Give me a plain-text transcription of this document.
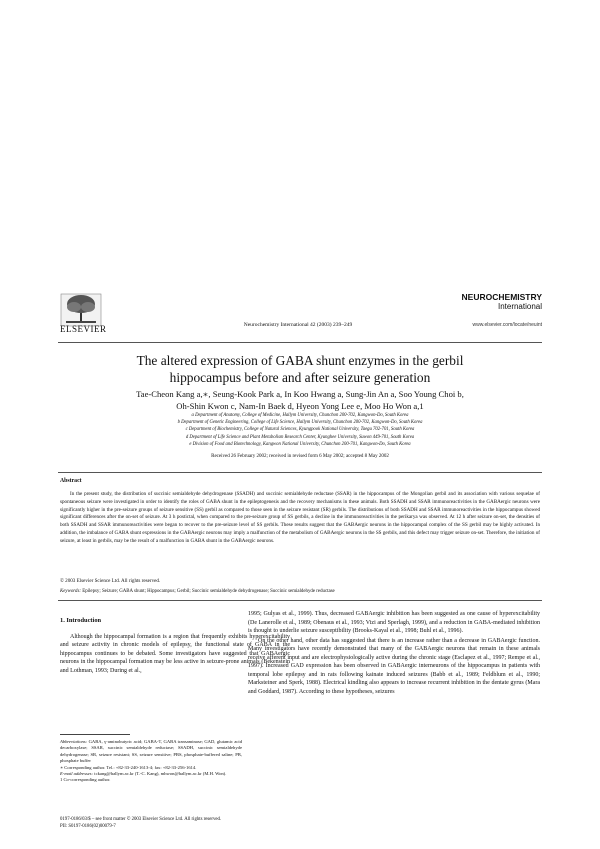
ELSEVIER	Neurochemistry International 42 (2003) 239–249
NEUROCHEMISTRY
International
www.elsevier.com/locate/neuint
The altered expression of GABA shunt enzymes in the gerbil
hippocampus before and after seizure generation
Tae-Cheon Kang a,∗, Seung-Kook Park a, In Koo Hwang a, Sung-Jin An a, Soo Young Choi b,
Oh-Shin Kwon c, Nam-In Baek d, Hyeon Yong Lee e, Moo Ho Won a,1
a Department of Anatomy, College of Medicine, Hallym University, Chunchon 200-702, Kangwon-Do, South Korea
b Department of Genetic Engineering, College of Life Science, Hallym University, Chunchon 200-702, Kangwon-Do, South Korea
c Department of Biochemistry, College of Natural Sciences, Kyungpook National University, Taegu 702-701, South Korea
d Department of Life Science and Plant Metabolism Research Center, Kyunghee University, Suwon 449-701, South Korea
e Division of Food and Biotechnology, Kangwon National University, Chunchon 200-701, Kangwon-Do, South Korea
Received 26 February 2002; received in revised form 6 May 2002; accepted 8 May 2002
Abstract

In the present study, the distribution of succinic semialdehyde dehydrogenase (SSADH) and succinic semialdehyde reductase (SSAR) in the hippocampus of the Mongolian gerbil and its association with various sequelae of spontaneous seizure were investigated in order to identify the roles of GABA shunt in the epileptogenesis and the recovery mechanisms in these animals. Both SSADH and SSAR immunoreactivities in the GABAergic neurons were significantly higher in the pre-seizure groups of seizure sensitive (SS) gerbil as compared to those seen in the seizure resistant (SR) gerbils. The distributions of both SSADH and SSAR immunoreactivities in the hippocampus showed significant differences after the on-set of seizure. At 3 h postictal, when compared to the pre-seizure group of SS gerbils, a decline in the immunoreactivities in the perikarya was observed. At 12 h after seizure on-set, the densities of both SSADH and SSAR immunoreactivities were began to recover to the pre-seizure level of SS gerbils. These results suggest that the GABAergic neurons in the hippocampal complex of the SS gerbil may be highly activated. In addition, the imbalance of GABA shunt expressions in the GABAergic neurons may imply a malfunction of the metabolism of GABAergic neurons in the SS gerbils, and this defect may trigger seizure on-set. Therefore, the initiation of seizure, at least in gerbils, may be the result of a malfunction in GABA shunt in the GABAergic neurons.

© 2003 Elsevier Science Ltd. All rights reserved.
Keywords: Epilepsy; Seizure; GABA shunt; Hippocampus; Gerbil; Succinic semialdehyde dehydrogenase; Succinic semialdehyde reductase
1. Introduction

Although the hippocampal formation is a region that frequently exhibits hyperexcitability and seizure activity in chronic models of epilepsy, the functional state of GABA in the hippocampus continues to be debated. Some investigators have suggested that GABAergic neurons in the hippocampal formation may be less active in seizure-prone animals (Bekenstein and Lothman, 1993; During et al.,

1995; Gulyas et al., 1999). Thus, decreased GABAergic inhibition has been suggested as one cause of hyperexcitability (De Lanerolle et al., 1989; Obenaus et al., 1993; Vizi and Sperlagh, 1999), and a reduction in GABA-mediated inhibition is thought to underlie seizure susceptibility (Brooks-Kayal et al., 1998; Buhl et al., 1996).

On the other hand, other data has suggested that there is an increase rather than a decrease in GABAergic function. Many investigators have recently demonstrated that many of the GABAergic neurons that remain in these animals receive afferent input and are electrophysiologically active during the chronic stage (Esclapez et al., 1997; Rempe et al., 1997). Increased GAD expression has been observed in GABAergic interneurons of the hippocampus in patients with temporal lobe epilepsy and in rats following kainate induced seizures (Babb et al., 1989; Feldblum et al., 1990; Marksteiner and Sperk, 1988). Electrical kindling also appears to increase recurrent inhibition in the dentate gyrus (Mara and Goddard, 1987). According to these hypotheses, seizures

Abbreviations: GABA, γ-aminobutyric acid; GABA-T, GABA transaminase; GAD, glutamic acid decarboxylase; SSAR, succinic semialdehyde reductase; SSADH, succinic semialdehyde dehydrogenase; SR, seizure resistant; SS, seizure sensitive; PBS, phosphate-buffered saline; PB, phosphate buffer

∗ Corresponding author. Tel.: +82-33-240-1613-4; fax: +82-33-256-1614.

E-mail addresses: tckang@hallym.ac.kr (T.-C. Kang), mhwon@hallym.ac.kr (M.H. Won).

1 Co-corresponding author.

0197-0186/03/$ – see front matter © 2003 Elsevier Science Ltd. All rights reserved.
PII: S0197-0186(02)00079-7
